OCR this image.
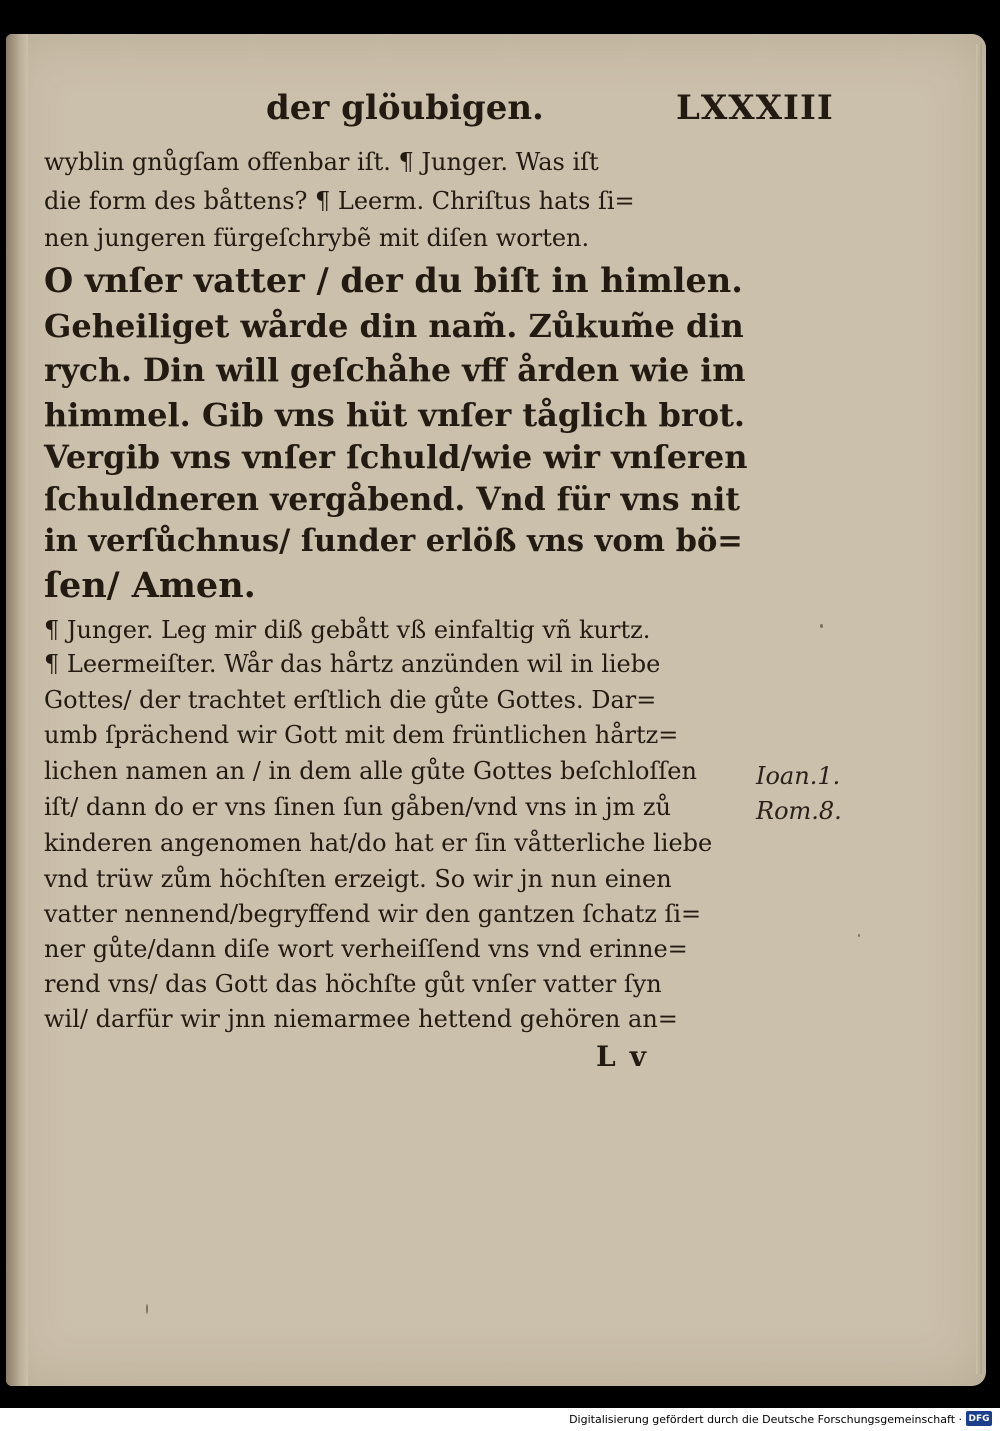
der glöubigen.	LXXXIII
wyblin gnůgſam offenbar iſt. ¶ Junger. Was iſt
die form des båttens? ¶ Leerm. Chriſtus hats ſi=
nen jungeren fürgeſchrybẽ mit diſen worten.
O vnſer vatter / der du biſt in himlen.
Geheiliget wårde din nam̃. Zůkum̃e din
rych. Din will geſchåhe vff ården wie im
himmel. Gib vns hüt vnſer tåglich brot.
Vergib vns vnſer ſchuld/wie wir vnſeren
ſchuldneren vergåbend. Vnd für vns nit
in verſůchnus/ ſunder erlöß vns vom bö=
ſen/ Amen.
¶ Junger. Leg mir diß gebått vß einfaltig vñ kurtz.
¶ Leermeiſter. Wår das hårtz anzünden wil in liebe
Gottes/ der trachtet erſtlich die gůte Gottes. Dar=
umb ſprächend wir Gott mit dem früntlichen hårtz=
lichen namen an / in dem alle gůte Gottes beſchloſſen
iſt/ dann do er vns ſinen ſun gåben/vnd vns in jm zů
kinderen angenomen hat/do hat er ſin våtterliche liebe
vnd trüw zům höchſten erzeigt. So wir jn nun einen
vatter nennend/begryffend wir den gantzen ſchatz ſi=
ner gůte/dann diſe wort verheiſſend vns vnd erinne=
rend vns/ das Gott das höchſte gůt vnſer vatter ſyn
wil/ darfür wir jnn niemarmee hettend gehören an=
Ioan.1.
Rom.8.
Lv
Digitalisierung gefördert durch die Deutsche Forschungsgemeinschaft · DFG
